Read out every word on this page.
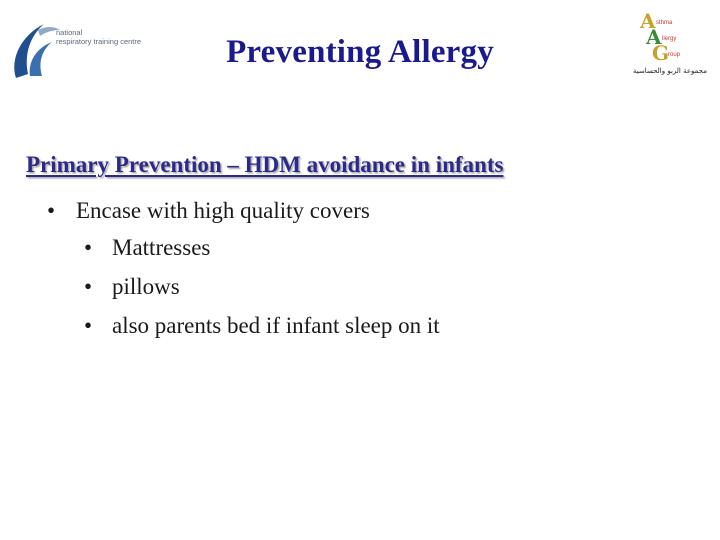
national
respiratory training centre	Preventing Allergy
A sthma
A llergy
G
roup
مجموعة الربو والحساسية
Primary Prevention – HDM avoidance in infants
• Encase with high quality covers
• Mattresses
• pillows
• also parents bed if infant sleep on it
